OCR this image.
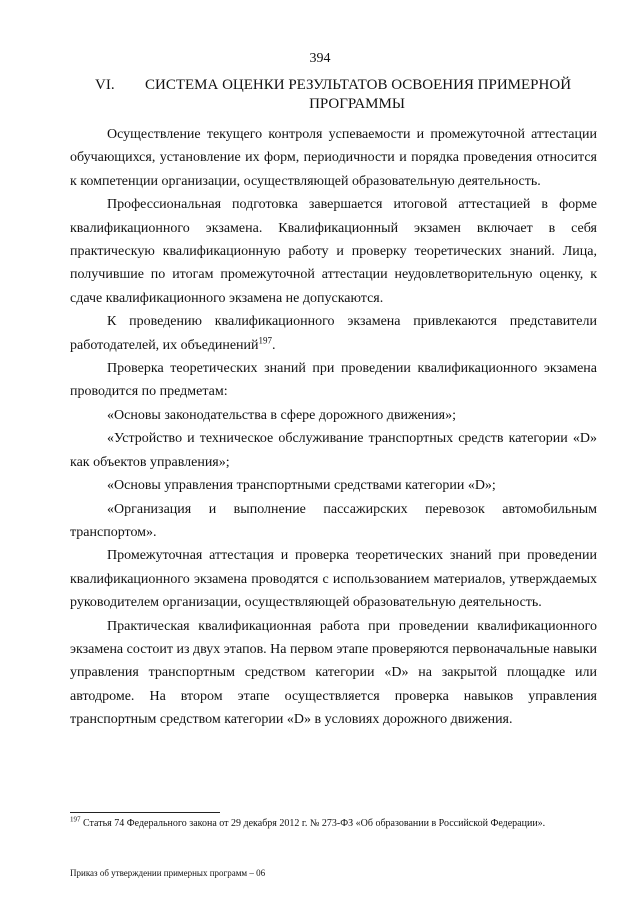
394
VI.	СИСТЕМА ОЦЕНКИ РЕЗУЛЬТАТОВ ОСВОЕНИЯ ПРИМЕРНОЙ
ПРОГРАММЫ

Осуществление текущего контроля успеваемости и промежуточной аттестации обучающихся, установление их форм, периодичности и порядка проведения относится к компетенции организации, осуществляющей образовательную деятельность.

Профессиональная подготовка завершается итоговой аттестацией в форме квалификационного экзамена. Квалификационный экзамен включает в себя практическую квалификационную работу и проверку теоретических знаний. Лица, получившие по итогам промежуточной аттестации неудовлетворительную оценку, к сдаче квалификационного экзамена не допускаются.

К проведению квалификационного экзамена привлекаются представители работодателей, их объединений$^{197}$.

Проверка теоретических знаний при проведении квалификационного экзамена проводится по предметам:

«Основы законодательства в сфере дорожного движения»;

«Устройство и техническое обслуживание транспортных средств категории «D» как объектов управления»;

«Основы управления транспортными средствами категории «D»;

«Организация и выполнение пассажирских перевозок автомобильным транспортом».

Промежуточная аттестация и проверка теоретических знаний при проведении квалификационного экзамена проводятся с использованием материалов, утверждаемых руководителем организации, осуществляющей образовательную деятельность.

Практическая квалификационная работа при проведении квалификационного экзамена состоит из двух этапов. На первом этапе проверяются первоначальные навыки управления транспортным средством категории «D» на закрытой площадке или автодроме. На втором этапе осуществляется проверка навыков управления транспортным средством категории «D» в условиях дорожного движения.

$^{197}$ Статья 74 Федерального закона от 29 декабря 2012 г. № 273-ФЗ «Об образовании в Российской Федерации».
Приказ об утверждении примерных программ – 06
